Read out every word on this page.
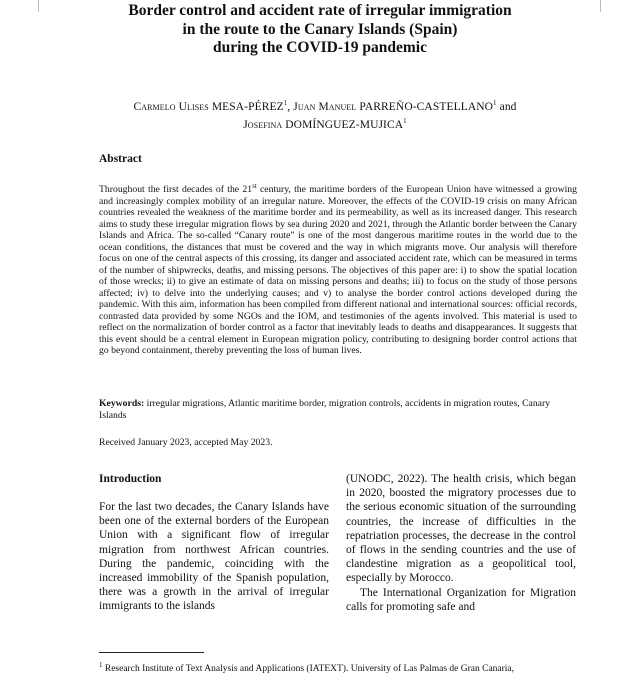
Border control and accident rate of irregular immigration
in the route to the Canary Islands (Spain)
during the COVID-19 pandemic
Carmelo Ulises MESA-PÉREZ$^1$, Juan Manuel PARREÑO-CASTELLANO$^1$ and
Josefina DOMÍNGUEZ-MUJICA$^1$
Abstract

Throughout the first decades of the 21st century, the maritime borders of the European Union have witnessed a growing and increasingly complex mobility of an irregular nature. Moreover, the effects of the COVID-19 crisis on many African countries revealed the weakness of the maritime border and its permeability, as well as its increased danger. This research aims to study these irregular migration flows by sea during 2020 and 2021, through the Atlantic border between the Canary Islands and Africa. The so-called “Canary route” is one of the most dangerous maritime routes in the world due to the ocean conditions, the distances that must be covered and the way in which migrants move. Our analysis will therefore focus on one of the central aspects of this crossing, its danger and associated accident rate, which can be measured in terms of the number of shipwrecks, deaths, and missing persons. The objectives of this paper are: i) to show the spatial location of those wrecks; ii) to give an estimate of data on missing persons and deaths; iii) to focus on the study of those persons affected; iv) to delve into the underlying causes; and v) to analyse the border control actions developed during the pandemic. With this aim, information has been compiled from different national and international sources: official records, contrasted data provided by some NGOs and the IOM, and testimonies of the agents involved. This material is used to reflect on the normalization of border control as a factor that inevitably leads to deaths and disappearances. It suggests that this event should be a central element in European migration policy, contributing to designing border control actions that go beyond containment, thereby preventing the loss of human lives.

Keywords: irregular migrations, Atlantic maritime border, migration controls, accidents in migration routes, Canary Islands
Received January 2023, accepted May 2023.
Introduction

For the last two decades, the Canary Islands have been one of the external borders of the European Union with a significant flow of irregular migration from northwest African countries. During the pandemic, coinciding with the increased immobility of the Spanish population, there was a growth in the arrival of irregular immigrants to the islands

(UNODC, 2022). The health crisis, which began in 2020, boosted the migratory processes due to the serious economic situation of the surrounding countries, the increase of difficulties in the repatriation processes, the decrease in the control of flows in the sending countries and the use of clandestine migration as a geopolitical tool, especially by Morocco.

The International Organization for Migration calls for promoting safe and

$^1$ Research Institute of Text Analysis and Applications (IATEXT). University of Las Palmas de Gran Canaria,
